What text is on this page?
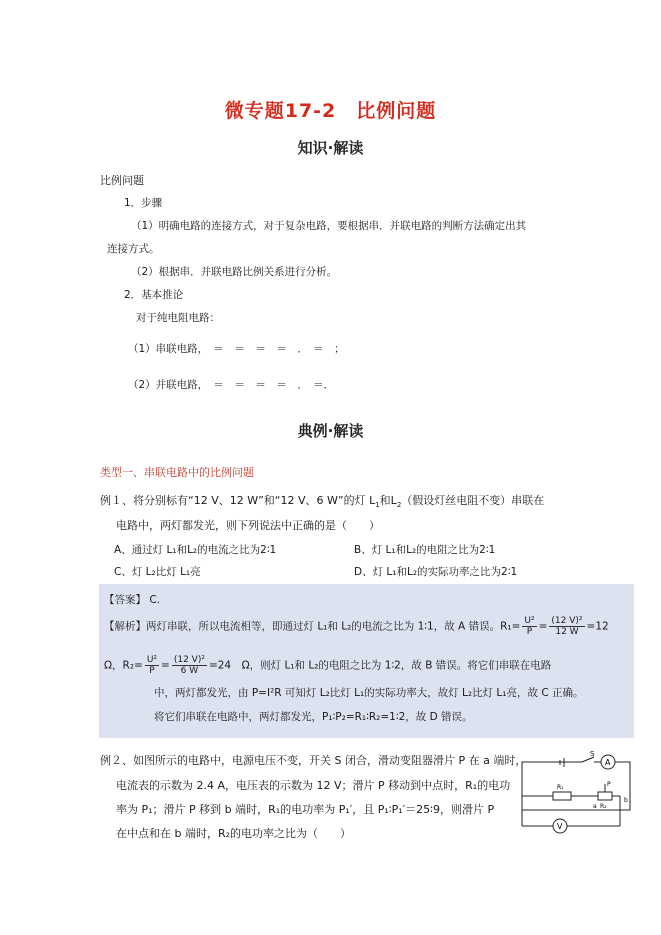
微专题17-2　比例问题
知识·解读
比例问题
1．步骤
（1）明确电路的连接方式，对于复杂电路，要根据串．并联电路的判断方法确定出其
连接方式。
（2）根据串．并联电路比例关系进行分析。
2．基本推论
对于纯电阻电路：
（1）串联电路，　＝　＝　＝　＝　．　＝　；
（2）并联电路，　＝　＝　＝　＝　．　＝．
典例·解读
类型一、串联电路中的比例问题
例１、将分别标有“12 V、12 W”和“12 V、6 W”的灯 $L_1$和$L_2$（假设灯丝电阻不变）串联在
电路中，两灯都发光，则下列说法中正确的是（　　）
A、通过灯 L₁和L₂的电流之比为2∶1	B、灯 L₁和L₂的电阻之比为2∶1
C、灯 L₂比灯 L₁亮	D、灯 L₁和L₂的实际功率之比为2∶1
【答案】 C.
【解析】两灯串联，所以电流相等，即通过灯 L₁和 L₂的电流之比为 1∶1，故 A 错误。$R_1= \frac{\text{U²}}{P} = \frac{\text{(12 V)²}}{12 W} =12$
Ω，$R_2= \frac{\text{U²}}{P} = \frac{\text{(12 V)²}}{6 W} =24$　Ω，则灯 L₁和 L₂的电阻之比为 1∶2，故 B 错误。将它们串联在电路
中，两灯都发光，由 P=I²R 可知灯 L₂比灯 L₁的实际功率大，故灯 L₂比灯 L₁亮，故 C 正确。
将它们串联在电路中，两灯都发光，P₁∶P₂=R₁∶R₂=1∶2，故 D 错误。
例２、如图所示的电路中，电源电压不变，开关 S 闭合，滑动变阻器滑片 P 在 a 端时，
电流表的示数为 2.4 A，电压表的示数为 12 V；滑片 P 移动到中点时，R₁的电功
率为 P₁；滑片 P 移到 b 端时，R₁的电功率为 P₁′，且 P₁∶P₁′＝25∶9，则滑片 P
在中点和在 b 端时，R₂的电功率之比为（　　）
S
A
V
R₁
R₂
P
a
b
